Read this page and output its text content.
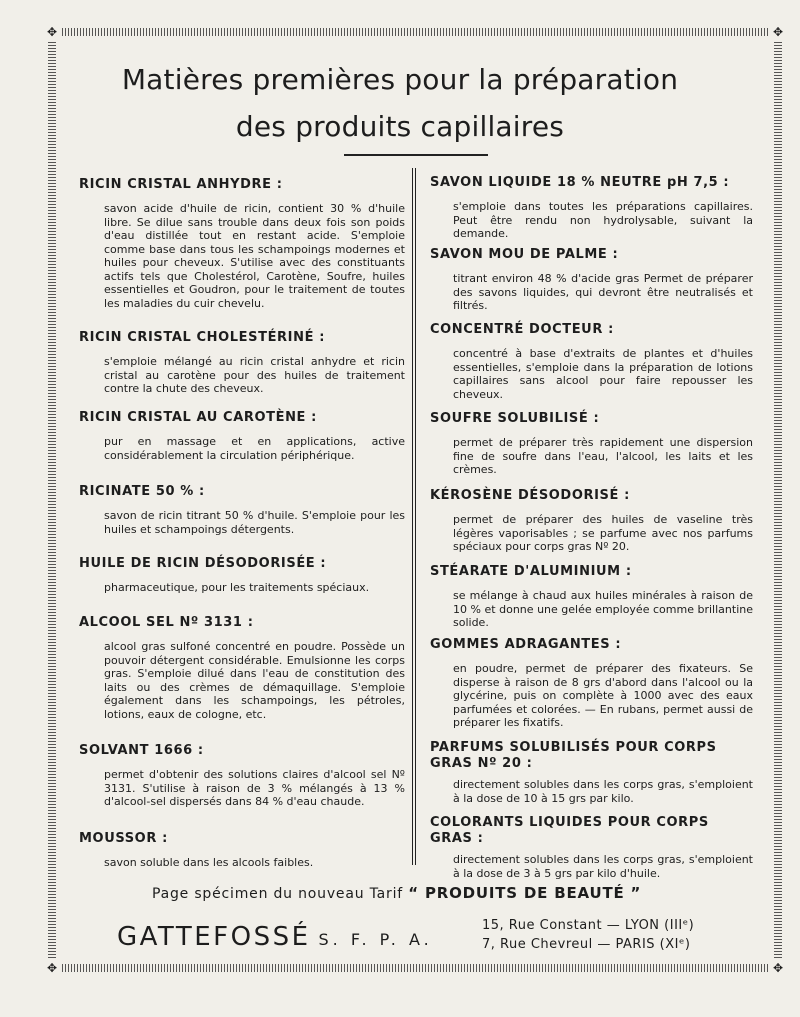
✥	✥
✥	✥
Matières premières pour la préparation
des produits capillaires
RICIN CRISTAL ANHYDRE :

savon acide d'huile de ricin, contient 30 % d'huile libre. Se dilue sans trouble dans deux fois son poids d'eau distillée tout en restant acide. S'emploie comme base dans tous les schampoings modernes et huiles pour cheveux. S'utilise avec des constituants actifs tels que Cholestérol, Carotène, Soufre, huiles essentielles et Goudron, pour le traitement de toutes les maladies du cuir chevelu.

RICIN CRISTAL CHOLESTÉRINÉ :

s'emploie mélangé au ricin cristal anhydre et ricin cristal au carotène pour des huiles de traitement contre la chute des cheveux.

RICIN CRISTAL AU CAROTÈNE :

pur en massage et en applications, active considérablement la circulation périphérique.

RICINATE 50 % :

savon de ricin titrant 50 % d'huile. S'emploie pour les huiles et schampoings détergents.

HUILE DE RICIN DÉSODORISÉE :

pharmaceutique, pour les traitements spéciaux.

ALCOOL SEL Nº 3131 :

alcool gras sulfoné concentré en poudre. Possède un pouvoir détergent considérable. Emulsionne les corps gras. S'emploie dilué dans l'eau de constitution des laits ou des crèmes de démaquillage. S'emploie également dans les schampoings, les pétroles, lotions, eaux de cologne, etc.

SOLVANT 1666 :

permet d'obtenir des solutions claires d'alcool sel Nº 3131. S'utilise à raison de 3 % mélangés à 13 % d'alcool-sel dispersés dans 84 % d'eau chaude.

MOUSSOR :

savon soluble dans les alcools faibles.

SAVON LIQUIDE 18 % NEUTRE pH 7,5 :

s'emploie dans toutes les préparations capillaires. Peut être rendu non hydrolysable, suivant la demande.

SAVON MOU DE PALME :

titrant environ 48 % d'acide gras Permet de préparer des savons liquides, qui devront être neutralisés et filtrés.

CONCENTRÉ DOCTEUR :

concentré à base d'extraits de plantes et d'huiles essentielles, s'emploie dans la préparation de lotions capillaires sans alcool pour faire repousser les cheveux.

SOUFRE SOLUBILISÉ :

permet de préparer très rapidement une dispersion fine de soufre dans l'eau, l'alcool, les laits et les crèmes.

KÉROSÈNE DÉSODORISÉ :

permet de préparer des huiles de vaseline très légères vaporisables ; se parfume avec nos parfums spéciaux pour corps gras Nº 20.

STÉARATE D'ALUMINIUM :

se mélange à chaud aux huiles minérales à raison de 10 % et donne une gelée employée comme brillantine solide.

GOMMES ADRAGANTES :

en poudre, permet de préparer des fixateurs. Se disperse à raison de 8 grs d'abord dans l'alcool ou la glycérine, puis on complète à 1000 avec des eaux parfumées et colorées. — En rubans, permet aussi de préparer les fixatifs.

PARFUMS SOLUBILISÉS POUR CORPS GRAS Nº 20 :

directement solubles dans les corps gras, s'emploient à la dose de 10 à 15 grs par kilo.

COLORANTS LIQUIDES POUR CORPS GRAS :

directement solubles dans les corps gras, s'emploient à la dose de 3 à 5 grs par kilo d'huile.

Page spécimen du nouveau Tarif “ PRODUITS DE BEAUTÉ ”
GATTEFOSSÉ S. F. P. A.
15, Rue Constant — LYON (IIIᵉ)
7, Rue Chevreul — PARIS (XIᵉ)
